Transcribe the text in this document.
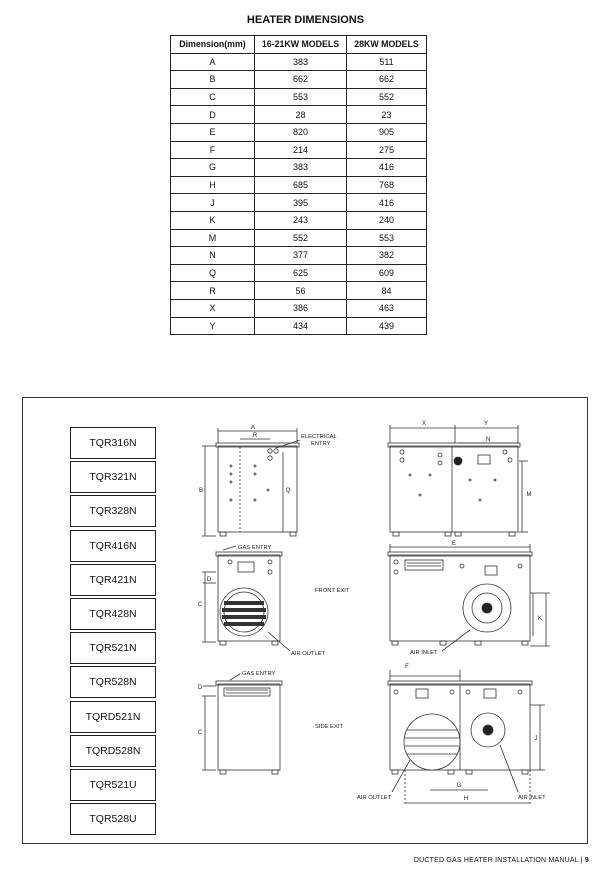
HEATER DIMENSIONS
Dimension(mm)	16-21KW MODELS	28KW MODELS
A	383	511
B	662	662
C	553	552
D	28	23
E	820	905
F	214	275
G	383	416
H	685	768
J	395	416
K	243	240
M	552	553
N	377	382
Q	625	609
R	56	84
X	386	463
Y	434	439
TQR316N
TQR321N
TQR328N
TQR416N
TQR421N
TQR428N
TQR521N
TQR528N
TQRD521N
TQRD528N
TQR521U
TQR528U
ELECTRICAL
ENTRY
GAS ENTRY
FRONT EXIT
AIR OUTLET	AIR INLET
GAS ENTRY
SIDE EXIT
AIR OUTLET	AIR INLET
A
R
B	Q
X	Y
N
M
E
D
C
K
D
C
F
J
G
H
DUCTED GAS HEATER INSTALLATION MANUAL | 9
